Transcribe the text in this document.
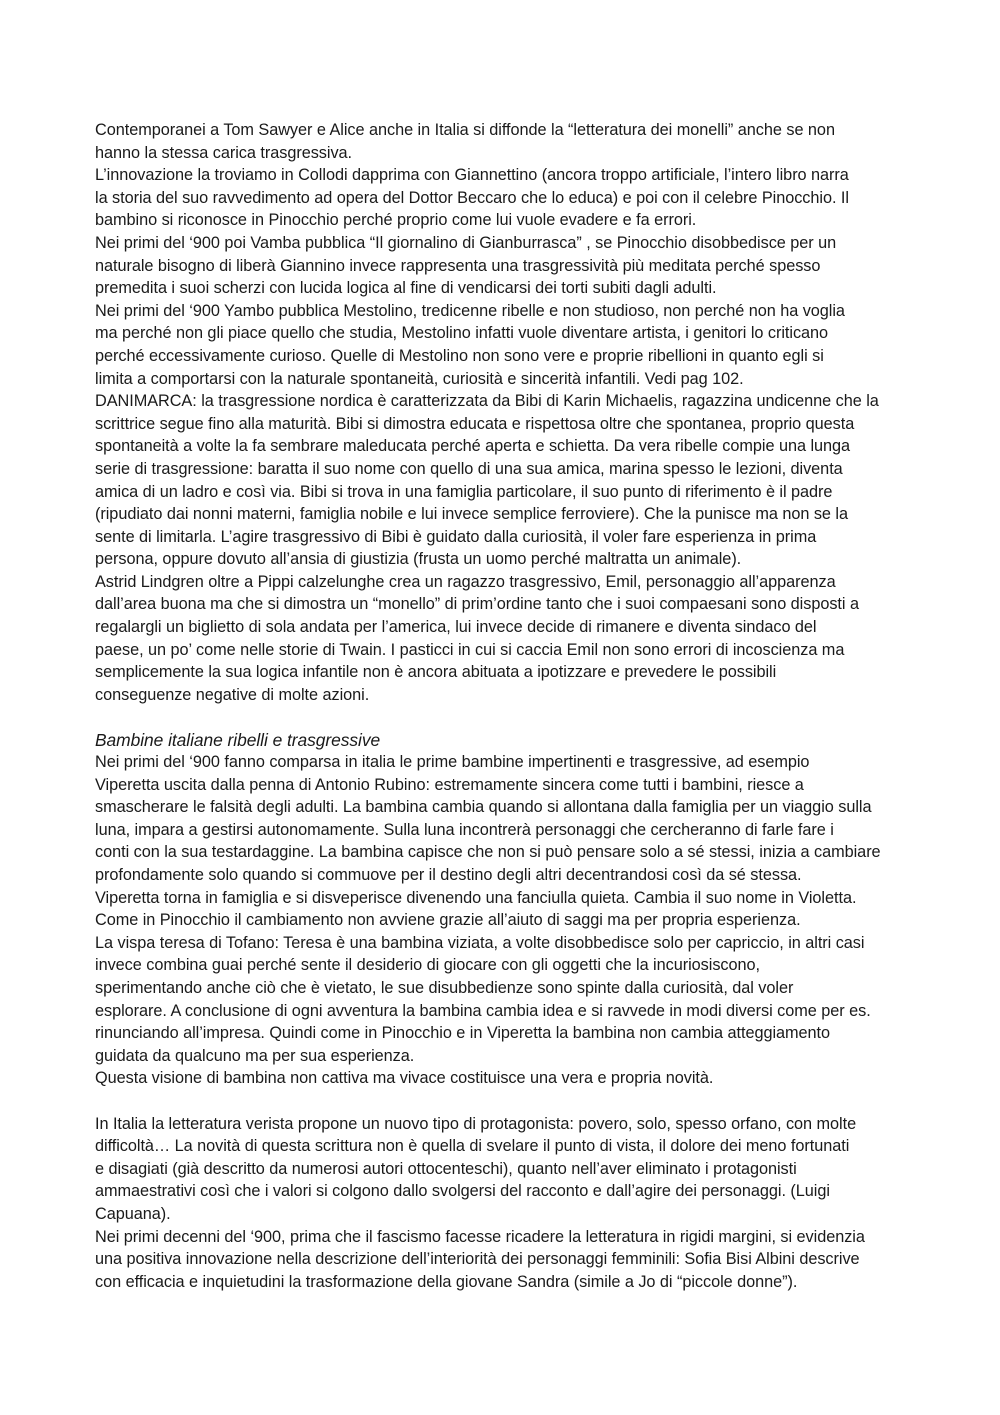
Contemporanei a Tom Sawyer e Alice anche in Italia si diffonde la “letteratura dei monelli” anche se non
hanno la stessa carica trasgressiva.

L’innovazione la troviamo in Collodi dapprima con Giannettino (ancora troppo artificiale, l’intero libro narra
la storia del suo ravvedimento ad opera del Dottor Beccaro che lo educa) e poi con il celebre Pinocchio. Il
bambino si riconosce in Pinocchio perché proprio come lui vuole evadere e fa errori.

Nei primi del ‘900 poi Vamba pubblica “Il giornalino di Gianburrasca” , se Pinocchio disobbedisce per un
naturale bisogno di liberà Giannino invece rappresenta una trasgressività più meditata perché spesso
premedita i suoi scherzi con lucida logica al fine di vendicarsi dei torti subiti dagli adulti.

Nei primi del ‘900 Yambo pubblica Mestolino, tredicenne ribelle e non studioso, non perché non ha voglia
ma perché non gli piace quello che studia, Mestolino infatti vuole diventare artista, i genitori lo criticano
perché eccessivamente curioso. Quelle di Mestolino non sono vere e proprie ribellioni in quanto egli si
limita a comportarsi con la naturale spontaneità, curiosità e sincerità infantili. Vedi pag 102.

DANIMARCA: la trasgressione nordica è caratterizzata da Bibi di Karin Michaelis, ragazzina undicenne che la
scrittrice segue fino alla maturità. Bibi si dimostra educata e rispettosa oltre che spontanea, proprio questa
spontaneità a volte la fa sembrare maleducata perché aperta e schietta. Da vera ribelle compie una lunga
serie di trasgressione: baratta il suo nome con quello di una sua amica, marina spesso le lezioni, diventa
amica di un ladro e così via. Bibi si trova in una famiglia particolare, il suo punto di riferimento è il padre
(ripudiato dai nonni materni, famiglia nobile e lui invece semplice ferroviere). Che la punisce ma non se la
sente di limitarla. L’agire trasgressivo di Bibi è guidato dalla curiosità, il voler fare esperienza in prima
persona, oppure dovuto all’ansia di giustizia (frusta un uomo perché maltratta un animale).

Astrid Lindgren oltre a Pippi calzelunghe crea un ragazzo trasgressivo, Emil, personaggio all’apparenza
dall’area buona ma che si dimostra un “monello” di prim’ordine tanto che i suoi compaesani sono disposti a
regalargli un biglietto di sola andata per l’america, lui invece decide di rimanere e diventa sindaco del
paese, un po’ come nelle storie di Twain. I pasticci in cui si caccia Emil non sono errori di incoscienza ma
semplicemente la sua logica infantile non è ancora abituata a ipotizzare e prevedere le possibili
conseguenze negative di molte azioni.

Bambine italiane ribelli e trasgressive

Nei primi del ‘900 fanno comparsa in italia le prime bambine impertinenti e trasgressive, ad esempio
Viperetta uscita dalla penna di Antonio Rubino: estremamente sincera come tutti i bambini, riesce a
smascherare le falsità degli adulti. La bambina cambia quando si allontana dalla famiglia per un viaggio sulla
luna, impara a gestirsi autonomamente. Sulla luna incontrerà personaggi che cercheranno di farle fare i
conti con la sua testardaggine. La bambina capisce che non si può pensare solo a sé stessi, inizia a cambiare
profondamente solo quando si commuove per il destino degli altri decentrandosi così da sé stessa.
Viperetta torna in famiglia e si disveperisce divenendo una fanciulla quieta. Cambia il suo nome in Violetta.
Come in Pinocchio il cambiamento non avviene grazie all’aiuto di saggi ma per propria esperienza.

La vispa teresa di Tofano: Teresa è una bambina viziata, a volte disobbedisce solo per capriccio, in altri casi
invece combina guai perché sente il desiderio di giocare con gli oggetti che la incuriosiscono,
sperimentando anche ciò che è vietato, le sue disubbedienze sono spinte dalla curiosità, dal voler
esplorare. A conclusione di ogni avventura la bambina cambia idea e si ravvede in modi diversi come per es.
rinunciando all’impresa. Quindi come in Pinocchio e in Viperetta la bambina non cambia atteggiamento
guidata da qualcuno ma per sua esperienza.

Questa visione di bambina non cattiva ma vivace costituisce una vera e propria novità.

In Italia la letteratura verista propone un nuovo tipo di protagonista: povero, solo, spesso orfano, con molte
difficoltà… La novità di questa scrittura non è quella di svelare il punto di vista, il dolore dei meno fortunati
e disagiati (già descritto da numerosi autori ottocenteschi), quanto nell’aver eliminato i protagonisti
ammaestrativi così che i valori si colgono dallo svolgersi del racconto e dall’agire dei personaggi. (Luigi
Capuana).

Nei primi decenni del ‘900, prima che il fascismo facesse ricadere la letteratura in rigidi margini, si evidenzia
una positiva innovazione nella descrizione dell’interiorità dei personaggi femminili: Sofia Bisi Albini descrive
con efficacia e inquietudini la trasformazione della giovane Sandra (simile a Jo di “piccole donne”).
